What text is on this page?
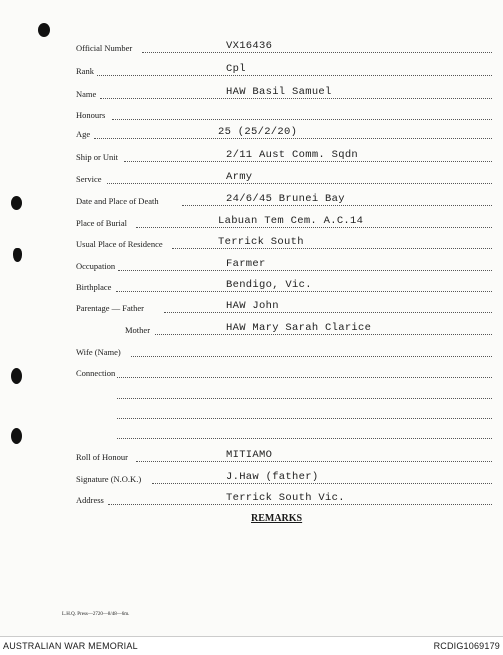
Official Number	VX16436
Rank	Cpl
Name	HAW Basil Samuel
Honours
Age	25 (25/2/20)
Ship or Unit	2/11 Aust Comm. Sqdn
Service	Army
Date and Place of Death	24/6/45 Brunei Bay
Place of Burial	Labuan Tem Cem. A.C.14
Usual Place of Residence	Terrick South
Occupation	Farmer
Birthplace	Bendigo, Vic.
Parentage — Father	HAW John
Mother	HAW Mary Sarah Clarice
Wife (Name)
Connection
Roll of Honour	MITIAMO
Signature (N.O.K.)	J.Haw (father)
Address	Terrick South Vic.
REMARKS
L.H.Q. Press—2720—8/48—6m.
AUSTRALIAN WAR MEMORIAL	RCDIG1069179
